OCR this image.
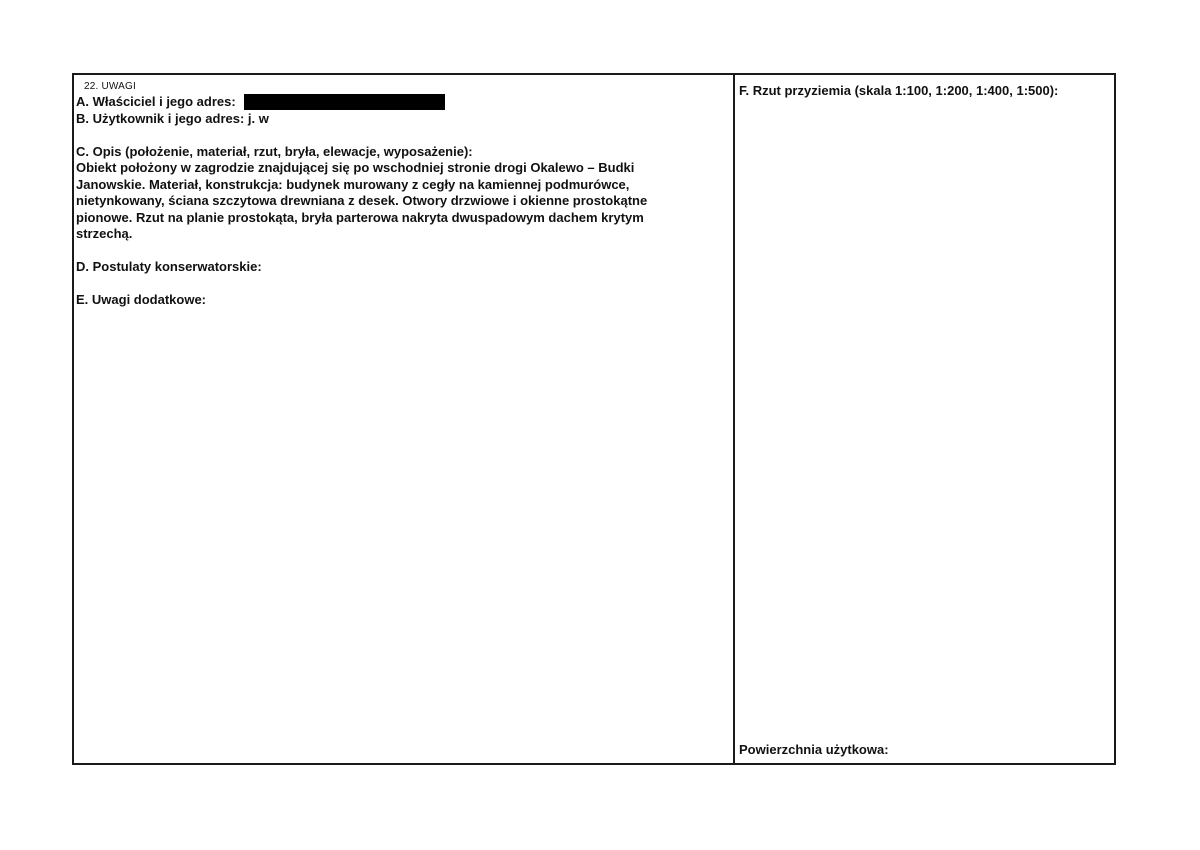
22. UWAGI
A. Właściciel i jego adres:
B. Użytkownik i jego adres: j. w
C. Opis (położenie, materiał, rzut, bryła, elewacje, wyposażenie):
Obiekt położony w zagrodzie znajdującej się po wschodniej stronie drogi Okalewo – Budki
Janowskie. Materiał, konstrukcja: budynek murowany z cegły na kamiennej podmurówce,
nietynkowany, ściana szczytowa drewniana z desek. Otwory drzwiowe i okienne prostokątne
pionowe. Rzut na planie prostokąta, bryła parterowa nakryta dwuspadowym dachem krytym
strzechą.
D. Postulaty konserwatorskie:
E. Uwagi dodatkowe:
F. Rzut przyziemia (skala 1:100, 1:200, 1:400, 1:500):
Powierzchnia użytkowa:
